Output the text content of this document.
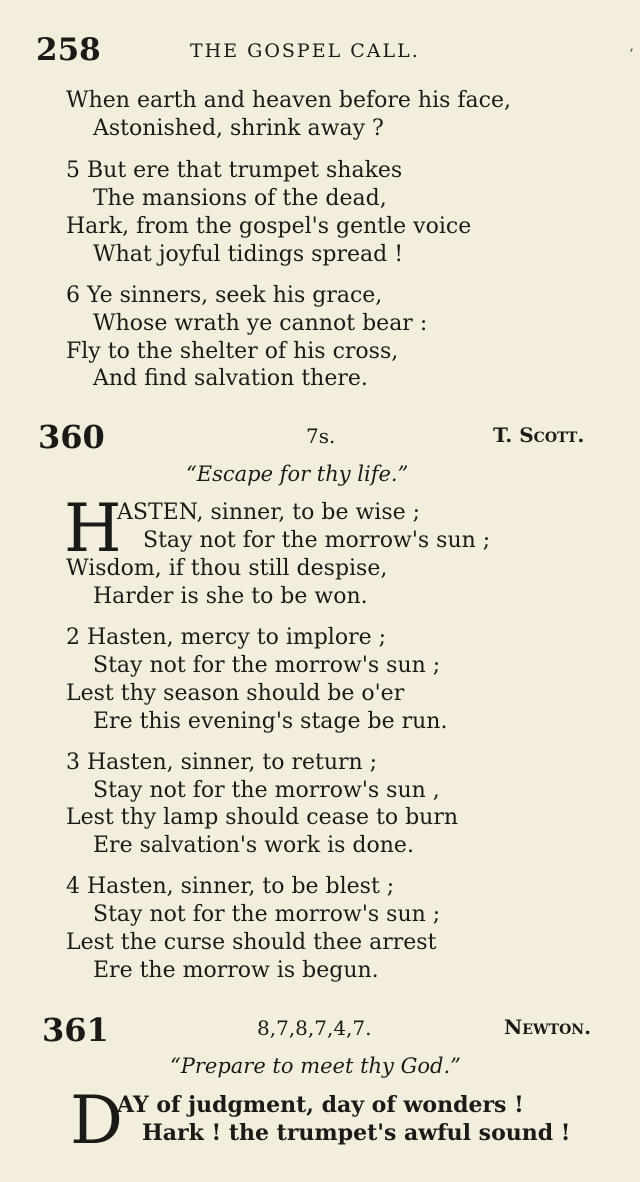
258	THE GOSPEL CALL.	,
When earth and heaven before his face,
Astonished, shrink away ?
5 But ere that trumpet shakes
The mansions of the dead,
Hark, from the gospel's gentle voice
What joyful tidings spread !
6 Ye sinners, seek his grace,
Whose wrath ye cannot bear :
Fly to the shelter of his cross,
And find salvation there.
360	7s.	T. Scott.
“Escape for thy life.”
H
ASTEN, sinner, to be wise ;
Stay not for the morrow's sun ;
Wisdom, if thou still despise,
Harder is she to be won.
2 Hasten, mercy to implore ;
Stay not for the morrow's sun ;
Lest thy season should be o'er
Ere this evening's stage be run.
3 Hasten, sinner, to return ;
Stay not for the morrow's sun ,
Lest thy lamp should cease to burn
Ere salvation's work is done.
4 Hasten, sinner, to be blest ;
Stay not for the morrow's sun ;
Lest the curse should thee arrest
Ere the morrow is begun.
361	8,7,8,7,4,7.	Newton.
“Prepare to meet thy God.”
D
AY of judgment, day of wonders !
Hark ! the trumpet's awful sound !
